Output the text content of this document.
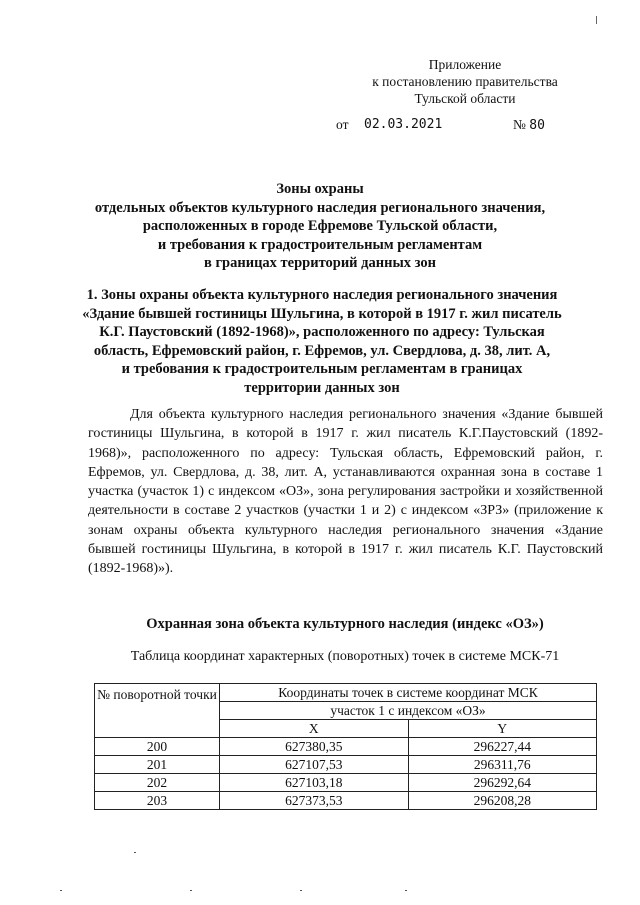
Приложение
к постановлению правительства
Тульской области
от 02.03.2021	№ 80
Зоны охраны
отдельных объектов культурного наследия регионального значения,
расположенных в городе Ефремове Тульской области,
и требования к градостроительным регламентам
в границах территорий данных зон
1. Зоны охраны объекта культурного наследия регионального значения
«Здание бывшей гостиницы Шульгина, в которой в 1917 г. жил писатель
К.Г. Паустовский (1892-1968)», расположенного по адресу: Тульская
область, Ефремовский район, г. Ефремов, ул. Свердлова, д. 38, лит. А,
и требования к градостроительным регламентам в границах
территории данных зон
Для объекта культурного наследия регионального значения «Здание бывшей гостиницы Шульгина, в которой в 1917 г. жил писатель К.Г.Паустовский (1892-1968)», расположенного по адресу: Тульская область, Ефремовский район, г. Ефремов, ул. Свердлова, д. 38, лит. А, устанавливаются охранная зона в составе 1 участка (участок 1) с индексом «ОЗ», зона регулирования застройки и хозяйственной деятельности в составе 2 участков (участки 1 и 2) с индексом «ЗРЗ» (приложение к зонам охраны объекта культурного наследия регионального значения «Здание бывшей гостиницы Шульгина, в которой в 1917 г. жил писатель К.Г. Паустовский (1892-1968)»).
Охранная зона объекта культурного наследия (индекс «ОЗ»)
Таблица координат характерных (поворотных) точек в системе МСК-71
№ поворотной точки	Координаты точек в системе координат МСК	
	участок 1 с индексом «ОЗ»	
	X	Y
200	627380,35	296227,44
201	627107,53	296311,76
202	627103,18	296292,64
203	627373,53	296208,28
